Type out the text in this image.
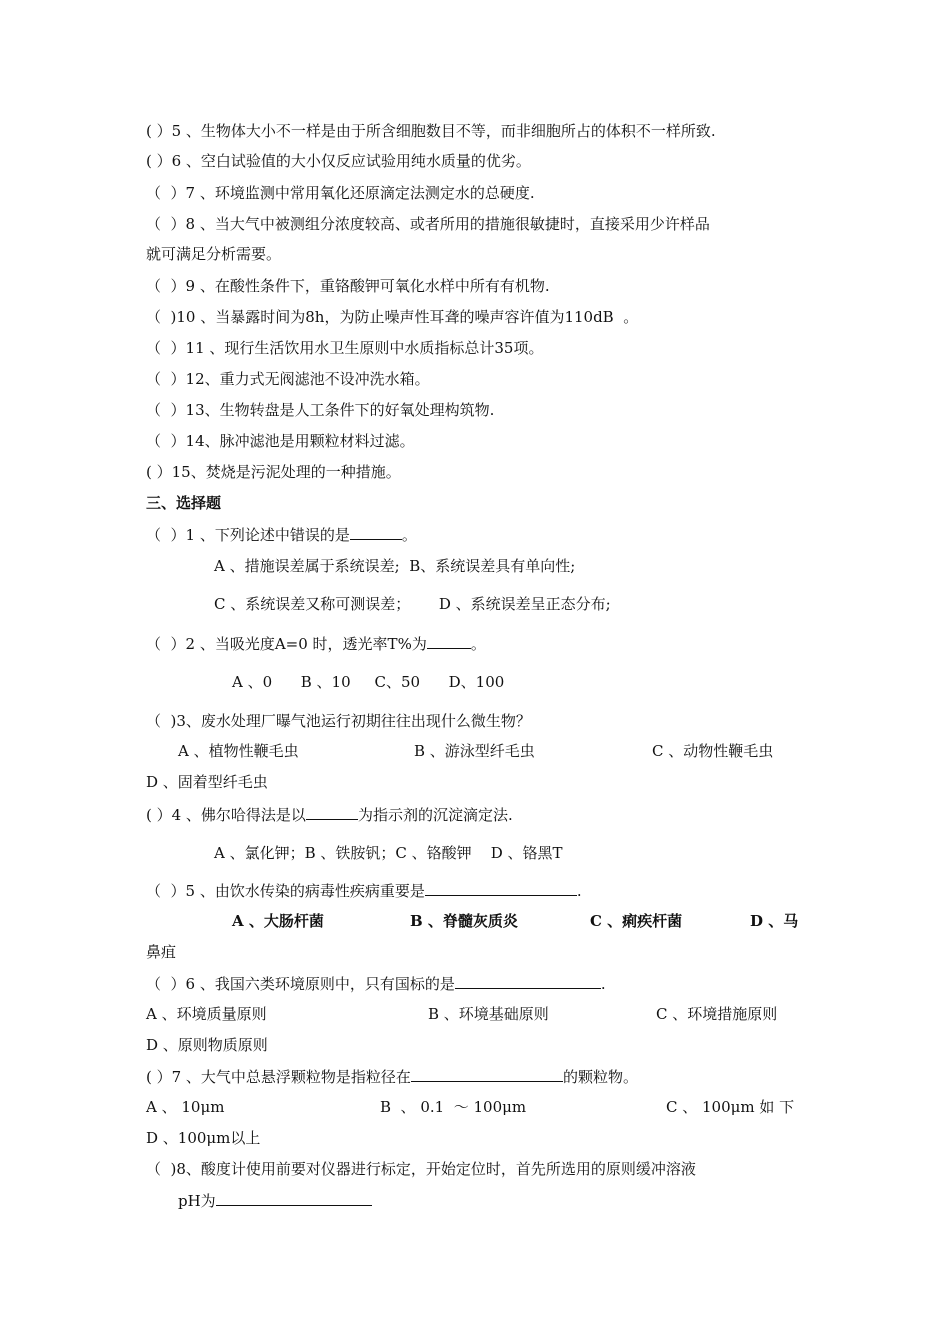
( ）5 、生物体大小不一样是由于所含细胞数目不等，而非细胞所占的体积不一样所致.
( ）6 、空白试验值的大小仅反应试验用纯水质量的优劣。
（  ）7 、环境监测中常用氧化还原滴定法测定水的总硬度.
（  ）8 、当大气中被测组分浓度较高、或者所用的措施很敏捷时，直接采用少许样品
就可满足分析需要。
（  ）9 、在酸性条件下，重铬酸钾可氧化水样中所有有机物.
（  )10 、当暴露时间为8h，为防止噪声性耳聋的噪声容许值为110dB  。
（  ）11 、现行生活饮用水卫生原则中水质指标总计35项。
（  ）12、重力式无阀滤池不设冲洗水箱。
（  ）13、生物转盘是人工条件下的好氧处理构筑物.
（  ）14、脉冲滤池是用颗粒材料过滤。
( ）15、焚烧是污泥处理的一种措施。
三、选择题
（  ）1 、下列论述中错误的是	。
A 、措施误差属于系统误差;  B、系统误差具有单向性;
C 、系统误差又称可测误差；      D 、系统误差呈正态分布;
（  ）2 、当吸光度A=0 时，透光率T%为	。
A 、0      B 、10     C、50      D、100
（  )3、废水处理厂曝气池运行初期往往出现什么微生物？

A 、植物性鞭毛虫

	B 、游泳型纤毛虫

	C 、动物性鞭毛虫

D 、固着型纤毛虫
( ）4 、佛尔哈得法是以	为指示剂的沉淀滴定法.
A 、氯化钾；B 、铁胺钒；C 、铬酸钾    D 、铬黑T
（  ）5 、由饮水传染的病毒性疾病重要是	.

A 、大肠杆菌

	B 、脊髓灰质炎

	C 、痢疾杆菌

	D 、马

鼻疽
（  ）6 、我国六类环境原则中，只有国标的是	.

A 、环境质量原则

	B 、环境基础原则

	C 、环境措施原则

D 、原则物质原则
( ）7 、大气中总悬浮颗粒物是指粒径在	的颗粒物。

A 、 10μm

	B  、 0.1  ～ 100μm

	C 、 100μm 如 下

D 、100μm以上
（  )8、酸度计使用前要对仪器进行标定，开始定位时，首先所选用的原则缓冲溶液
pH为
